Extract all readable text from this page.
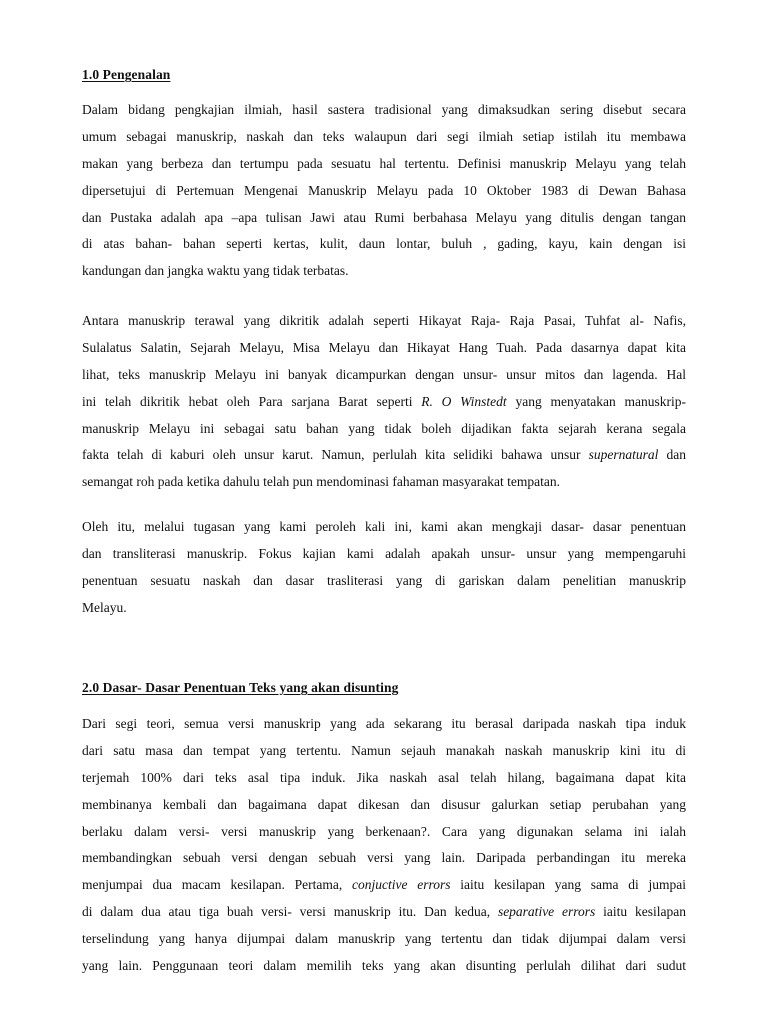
1.0 Pengenalan
Dalam bidang pengkajian ilmiah, hasil sastera tradisional yang dimaksudkan sering disebut secara
umum sebagai manuskrip, naskah dan teks walaupun dari segi ilmiah setiap istilah itu membawa
makan yang berbeza dan tertumpu pada sesuatu hal tertentu. Definisi manuskrip Melayu yang telah
dipersetujui di Pertemuan Mengenai Manuskrip Melayu pada 10 Oktober 1983 di Dewan Bahasa
dan Pustaka adalah apa –apa tulisan Jawi atau Rumi berbahasa Melayu yang ditulis dengan tangan
di atas bahan- bahan seperti kertas, kulit, daun lontar, buluh , gading, kayu, kain dengan isi
kandungan dan jangka waktu yang tidak terbatas.
Antara manuskrip terawal yang dikritik adalah seperti Hikayat Raja- Raja Pasai, Tuhfat al- Nafis,
Sulalatus Salatin, Sejarah Melayu, Misa Melayu dan Hikayat Hang Tuah. Pada dasarnya dapat kita
lihat, teks manuskrip Melayu ini banyak dicampurkan dengan unsur- unsur mitos dan lagenda. Hal
ini telah dikritik hebat oleh Para sarjana Barat seperti R. O Winstedt yang menyatakan manuskrip-
manuskrip Melayu ini sebagai satu bahan yang tidak boleh dijadikan fakta sejarah kerana segala
fakta telah di kaburi oleh unsur karut. Namun, perlulah kita selidiki bahawa unsur supernatural dan
semangat roh pada ketika dahulu telah pun mendominasi fahaman masyarakat tempatan.
Oleh itu, melalui tugasan yang kami peroleh kali ini, kami akan mengkaji dasar- dasar penentuan
dan transliterasi manuskrip. Fokus kajian kami adalah apakah unsur- unsur yang mempengaruhi
penentuan sesuatu naskah dan dasar trasliterasi yang di gariskan dalam penelitian manuskrip
Melayu.
2.0 Dasar- Dasar Penentuan Teks yang akan disunting
Dari segi teori, semua versi manuskrip yang ada sekarang itu berasal daripada naskah tipa induk
dari satu masa dan tempat yang tertentu. Namun sejauh manakah naskah manuskrip kini itu di
terjemah 100% dari teks asal tipa induk. Jika naskah asal telah hilang, bagaimana dapat kita
membinanya kembali dan bagaimana dapat dikesan dan disusur galurkan setiap perubahan yang
berlaku dalam versi- versi manuskrip yang berkenaan?. Cara yang digunakan selama ini ialah
membandingkan sebuah versi dengan sebuah versi yang lain. Daripada perbandingan itu mereka
menjumpai dua macam kesilapan. Pertama, conjuctive errors iaitu kesilapan yang sama di jumpai
di dalam dua atau tiga buah versi- versi manuskrip itu. Dan kedua, separative errors iaitu kesilapan
terselindung yang hanya dijumpai dalam manuskrip yang tertentu dan tidak dijumpai dalam versi
yang lain. Penggunaan teori dalam memilih teks yang akan disunting perlulah dilihat dari sudut
